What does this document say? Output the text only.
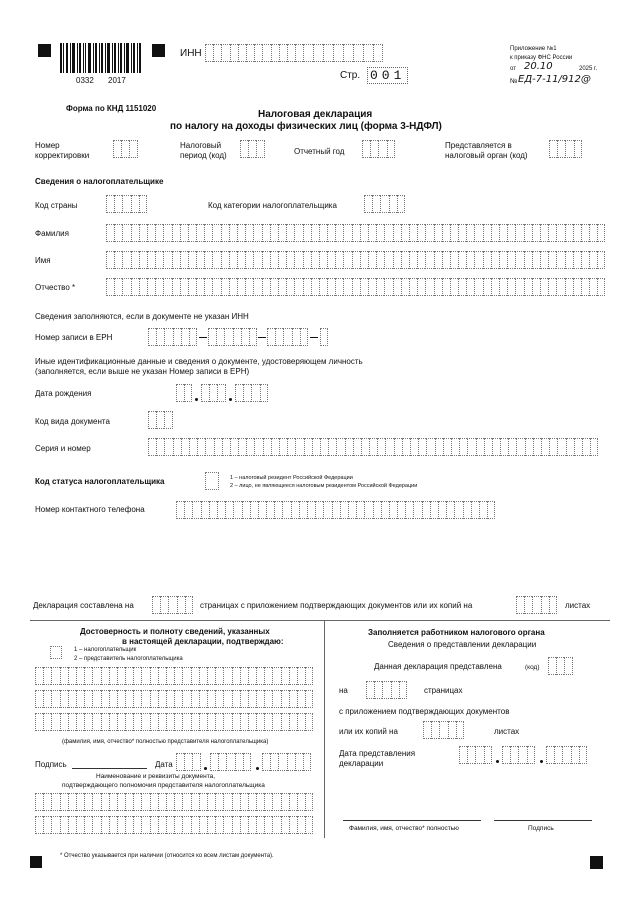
0332 2017
ИНН
Стр. 001
Приложение №1
к приказу ФНС России
от 20.10	2025 г.
№ ЕД-7-11/912@
Форма по КНД 1151020
Налоговая декларация
по налогу на доходы физических лиц (форма 3-НДФЛ)
Номер
корректировки
Налоговый
период (код)	Отчетный год
Представляется в
налоговый орган (код)
Сведения о налогоплательщике
Код страны	Код категории налогоплательщика
Фамилия
Имя
Отчество *
Сведения заполняются, если в документе не указан ИНН
Номер записи в ЕРН
Иные идентификационные данные и сведения о документе, удостоверяющем личность
(заполняется, если выше не указан Номер записи в ЕРН)
Дата рождения
Код вида документа
Серия и номер
Код статуса налогоплательщика	1 – налоговый резидент Российской Федерации
2 – лицо, не являющееся налоговым резидентом Российской Федерации
Номер контактного телефона
Декларация составлена на	страницах с приложением подтверждающих документов или их копий на	листах
Достоверность и полноту сведений, указанных
в настоящей декларации, подтверждаю:
1 – налогоплательщик
2 – представитель налогоплательщика
(фамилия, имя, отчество* полностью представителя налогоплательщика)
Подпись	Дата
Наименование и реквизиты документа,
подтверждающего полномочия представителя налогоплательщика
Заполняется работником налогового органа
Сведения о представлении декларации
Данная декларация представлена	(код)
на	страницах
с приложением подтверждающих документов
или их копий на	листах
Дата представления
декларации
Фамилия, имя, отчество* полностью	Подпись
* Отчество указывается при наличии (относится ко всем листам документа).
